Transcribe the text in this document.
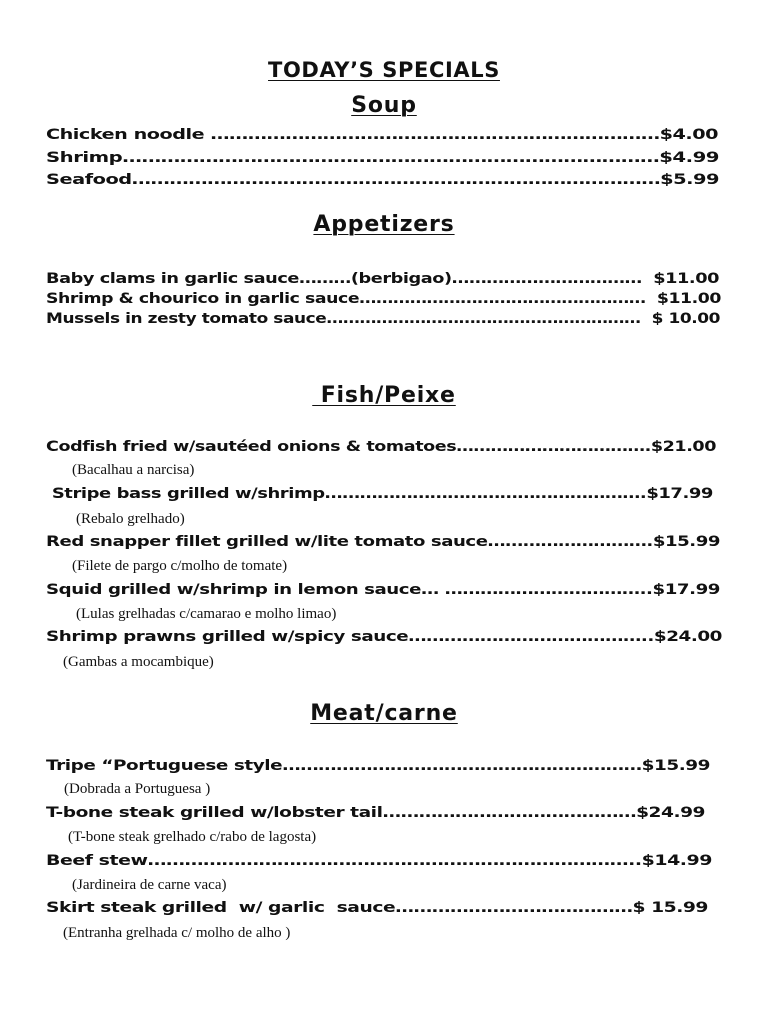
TODAY’S SPECIALS
Soup
Chicken noodle ………………………………………………………………$4.00
Shrimp…………………………………………………………………………$4.99
Seafood…………………………………………………………………………$5.99
Appetizers
Baby clams in garlic sauce………(berbigao)……………………………  $11.00
Shrimp & chourico in garlic sauce……………………………………………  $11.00
Mussels in zesty tomato sauce…………………………………………………  $ 10.00
Fish/Peixe
Codfish fried w/sautéed onions & tomatoes…………………………….$21.00
(Bacalhau a narcisa)
Stripe bass grilled w/shrimp……………………………………………….$17.99
(Rebalo grelhado)
Red snapper fillet grilled w/lite tomato sauce……………………….$15.99
(Filete de pargo c/molho de tomate)
Squid grilled w/shrimp in lemon sauce… ……………………………..$17.99
(Lulas grelhadas c/camarao e molho limao)
Shrimp prawns grilled w/spicy sauce…………………………………..$24.00
(Gambas a mocambique)
Meat/carne
Tripe “Portuguese style……………………………………………………$15.99
(Dobrada a Portuguesa )
T-bone steak grilled w/lobster tail……………………………………$24.99
(T-bone steak grelhado c/rabo de lagosta)
Beef stew……………………………………………………………………..$14.99
(Jardineira de carne vaca)
Skirt steak grilled  w/ garlic  sauce…………………………………$ 15.99
(Entranha grelhada c/ molho de alho )
